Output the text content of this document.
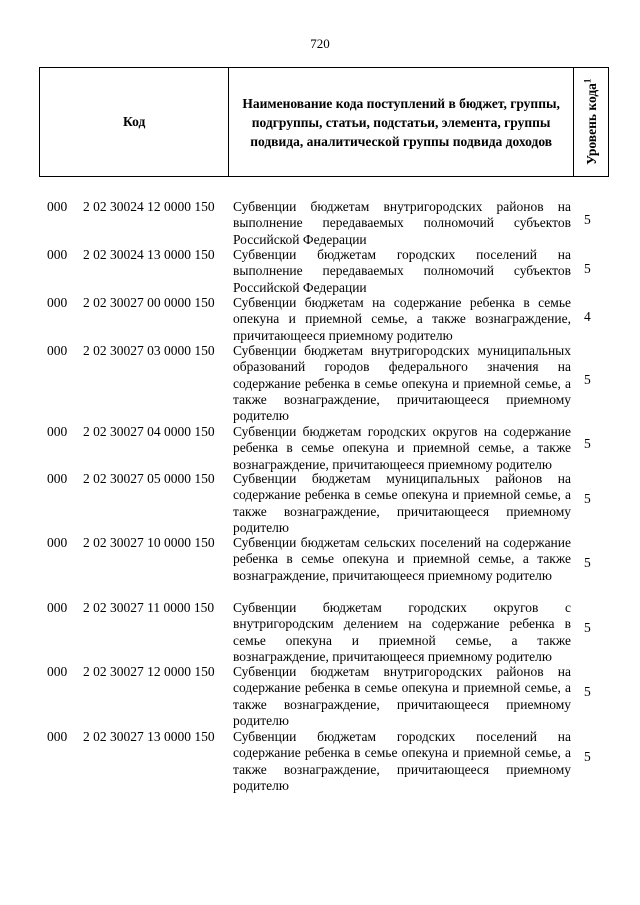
720
Код
Наименование кода поступлений в бюджет, группы, подгруппы, статьи, подстатьи, элемента, группы подвида, аналитической группы подвида доходов	Уровень кода$^1$
000 2 02 30024 12 0000 150 Субвенции бюджетам внутригородских районов на выполнение передаваемых полномочий субъектов Российской Федерации
5
000 2 02 30024 13 0000 150 Субвенции бюджетам городских поселений на выполнение передаваемых полномочий субъектов Российской Федерации
5
000 2 02 30027 00 0000 150 Субвенции бюджетам на содержание ребенка в семье опекуна и приемной семье, а также вознаграждение, причитающееся приемному родителю
4
000 2 02 30027 03 0000 150 Субвенции бюджетам внутригородских муниципальных образований городов федерального значения на содержание ребенка в семье опекуна и приемной семье, а также вознаграждение, причитающееся приемному родителю
5
000 2 02 30027 04 0000 150 Субвенции бюджетам городских округов на содержание ребенка в семье опекуна и приемной семье, а также вознаграждение, причитающееся приемному родителю
5
000 2 02 30027 05 0000 150 Субвенции бюджетам муниципальных районов на содержание ребенка в семье опекуна и приемной семье, а также вознаграждение, причитающееся приемному родителю
5
000 2 02 30027 10 0000 150 Субвенции бюджетам сельских поселений на содержание ребенка в семье опекуна и приемной семье, а также вознаграждение, причитающееся приемному родителю
5
000 2 02 30027 11 0000 150 Субвенции бюджетам городских округов с внутригородским делением на содержание ребенка в семье опекуна и приемной семье, а также вознаграждение, причитающееся приемному родителю
5
000 2 02 30027 12 0000 150 Субвенции бюджетам внутригородских районов на содержание ребенка в семье опекуна и приемной семье, а также вознаграждение, причитающееся приемному родителю
5
000 2 02 30027 13 0000 150 Субвенции бюджетам городских поселений на содержание ребенка в семье опекуна и приемной семье, а также вознаграждение, причитающееся приемному родителю
5
